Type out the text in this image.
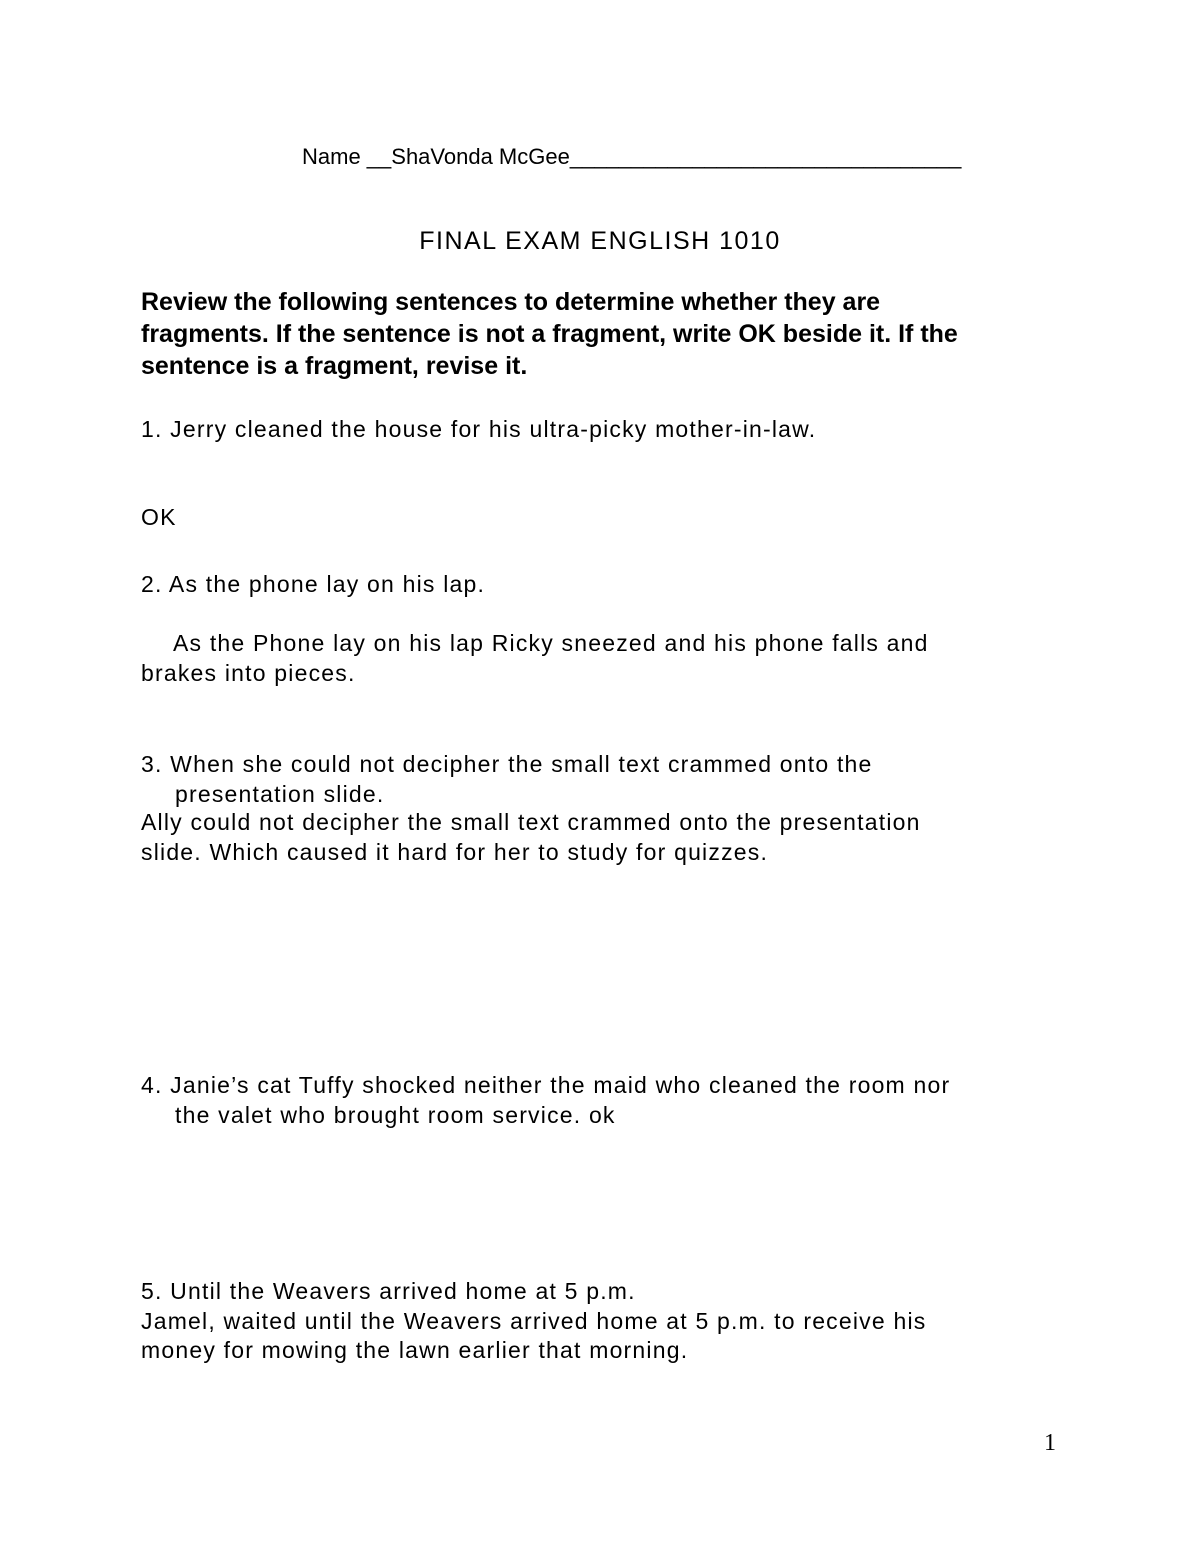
Name __ShaVonda McGee________________________________

FINAL EXAM ENGLISH 1010

Review the following sentences to determine whether they are
fragments. If the sentence is not a fragment, write OK beside it. If the
sentence is a fragment, revise it.

1. Jerry cleaned the house for his ultra-picky mother-in-law.

OK

2. As the phone lay on his lap.

As the Phone lay on his lap Ricky sneezed and his phone falls and

brakes into pieces.

3. When she could not decipher the small text crammed onto the

presentation slide.

Ally could not decipher the small text crammed onto the presentation

slide. Which caused it hard for her to study for quizzes.

4. Janie’s cat Tuffy shocked neither the maid who cleaned the room nor

the valet who brought room service. ok

5. Until the Weavers arrived home at 5 p.m.

Jamel, waited until the Weavers arrived home at 5 p.m. to receive his

money for mowing the lawn earlier that morning.

1
